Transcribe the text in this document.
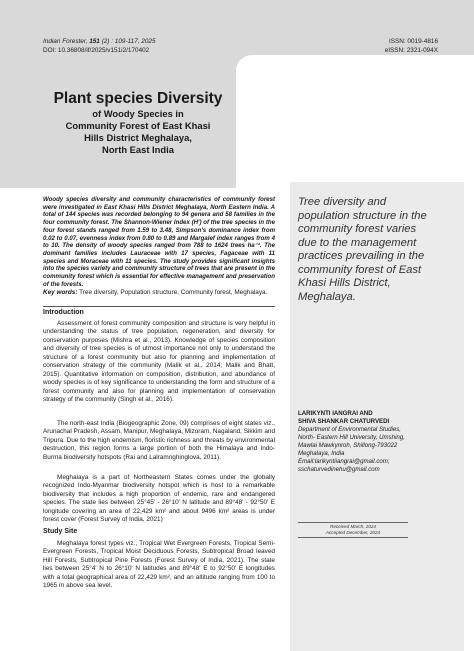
Indian Forester, 151 (2) : 109-117, 2025
DOI: 10.36808/if/2025/v151i2/170402
ISSN: 0019-4816
eISSN: 2321-094X
Plant species Diversity
of Woody Species in
Community Forest of East Khasi
Hills District Meghalaya,
North East India
Woody species diversity and community characteristics of community forest were investigated in East Khasi Hills District Meghalaya, North Eastern India. A total of 144 species was recorded belonging to 94 genera and 58 families in the four community forest. The Shannon-Wiener Index (H') of the tree species in the four forest stands ranged from 1.59 to 3.48, Simpson's dominance index from 0.02 to 0.07, evenness index from 0.80 to 0.89 and Margalef index ranges from 4 to 10. The density of woody species ranged from 788 to 1624 trees ha⁻¹. The dominant families includes Lauraceae with 17 species, Fagaceae with 11 species and Moraceae with 11 species. The study provides significant insights into the species variety and community structure of trees that are present in the community forest which is essential for effective management and preservation of the forests.
Key words: Tree diversity, Population structure, Community forest, Meghalaya.
Introduction

Assessment of forest community composition and structure is very helpful in understanding the status of tree population, regeneration, and diversity for conservation purposes (Mishra et al., 2013). Knowledge of species composition and diversity of tree species is of utmost importance not only to understand the structure of a forest community but also for planning and implementation of conservation strategy of the community (Malik et al., 2014; Malik and Bhatt, 2015). Quantitative information on composition, distribution, and abundance of woody species is of key significance to understanding the form and structure of a forest community and also for planning and implementation of conservation strategy of the community (Singh et al., 2016).

The north-east India (Biogeographic Zone, 09) comprises of eight states viz., Arunachal Pradesh, Assam, Manipur, Meghalaya, Mizoram, Nagaland, Sikkim and Tripura. Due to the high endemism, floristic richness and threats by environmental destruction, this region forms a large portion of both the Himalaya and Indo-Burma biodiversity hotspots (Rai and Lalramnghinglova, 2011).

Meghalaya is a part of Northeastern States comes under the globally recognized Indo-Myanmar biodiversity hotspot which is host to a remarkable biodiversity that includes a high proportion of endemic, rare and endangered species. The state lies between 25°45' - 26°10' N latitude and 89°48' - 92°50' E longitude covering an area of 22,429 km² and about 9496 km² areas is under forest cover (Forest Survey of India, 2021)

Study Site

Meghalaya forest types viz., Tropical Wet Evergreen Forests, Tropical Semi-Evergreen Forests, Tropical Moist Deciduous Forests, Subtropical Broad leaved Hill Forests, Subtropical Pine Forests (Forest Survey of India, 2021). The state lies between 25°4' N to 26°10' N latitudes and 89°48' E to 92°50' E longitudes with a total geographical area of 22,429 km², and an altitude ranging from 100 to 1965 m above sea level.

Tree diversity and population structure in the community forest varies due to the management practices prevailing in the community forest of East Khasi Hills District, Meghalaya.
LARIKYNTI IANGRAI AND
SHIVA SHANKAR CHATURVEDI
Department of Environmental Studies,
North- Eastern Hill University, Umshing,
Mawlai Mawkynroh, Shillong-793022
Meghalaya, India
Email:larikyntiiangrai@gmail.com;
sschaturvedinehu@gmail.com
Received March, 2024
Accepted December, 2024
